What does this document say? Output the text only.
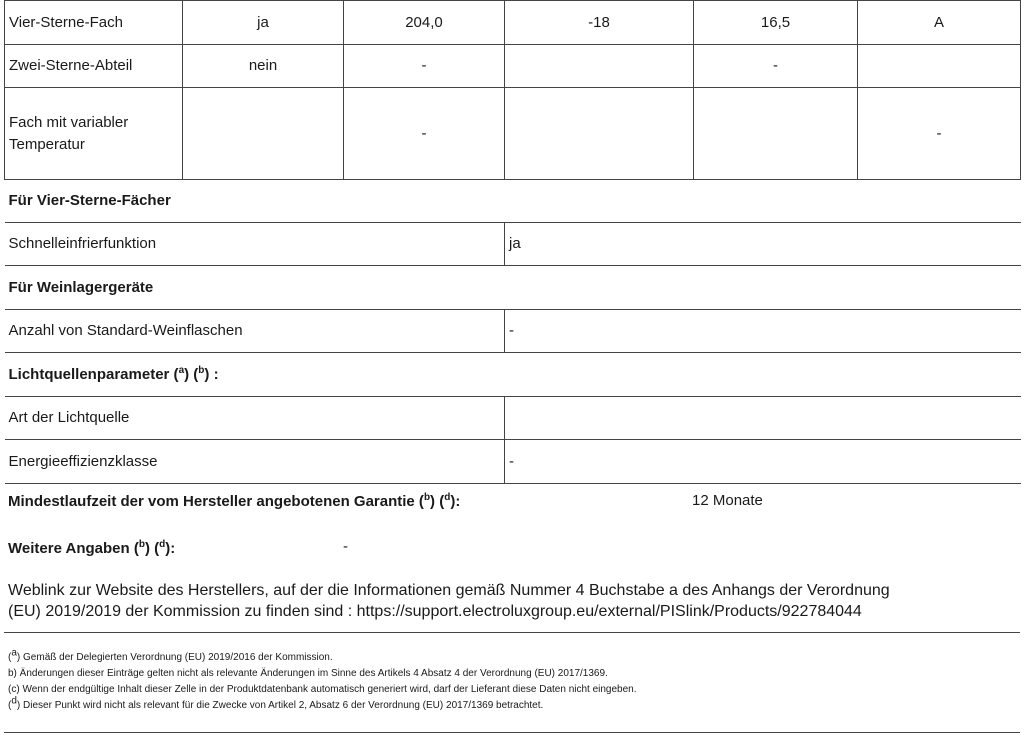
Vier-Sterne-Fach	ja	204,0	-18	16,5	A
Zwei-Sterne-Abteil	nein	-		-	

Fach mit variabler
Temperatur		-			-
Für Vier-Sterne-Fächer					
Schnelleinfrierfunktion			ja		
Für Weinlagergeräte					
Anzahl von Standard-Weinflaschen			-		
Lichtquellenparameter ($^a$) ($^b$) :					
Art der Lichtquelle					
Energieeffizienzklasse			-		
Mindestlaufzeit der vom Hersteller angebotenen Garantie ($^b$) ($^d$):	12 Monate
Weitere Angaben ($^b$) ($^d$):	-
Weblink zur Website des Herstellers, auf der die Informationen gemäß Nummer 4 Buchstabe a des Anhangs der Verordnung
(EU) 2019/2019 der Kommission zu finden sind : https://support.electroluxgroup.eu/external/PISlink/Products/922784044
($^a$) Gemäß der Delegierten Verordnung (EU) 2019/2016 der Kommission.
b) Änderungen dieser Einträge gelten nicht als relevante Änderungen im Sinne des Artikels 4 Absatz 4 der Verordnung (EU) 2017/1369.
(c) Wenn der endgültige Inhalt dieser Zelle in der Produktdatenbank automatisch generiert wird, darf der Lieferant diese Daten nicht eingeben.
($^d$) Dieser Punkt wird nicht als relevant für die Zwecke von Artikel 2, Absatz 6 der Verordnung (EU) 2017/1369 betrachtet.
